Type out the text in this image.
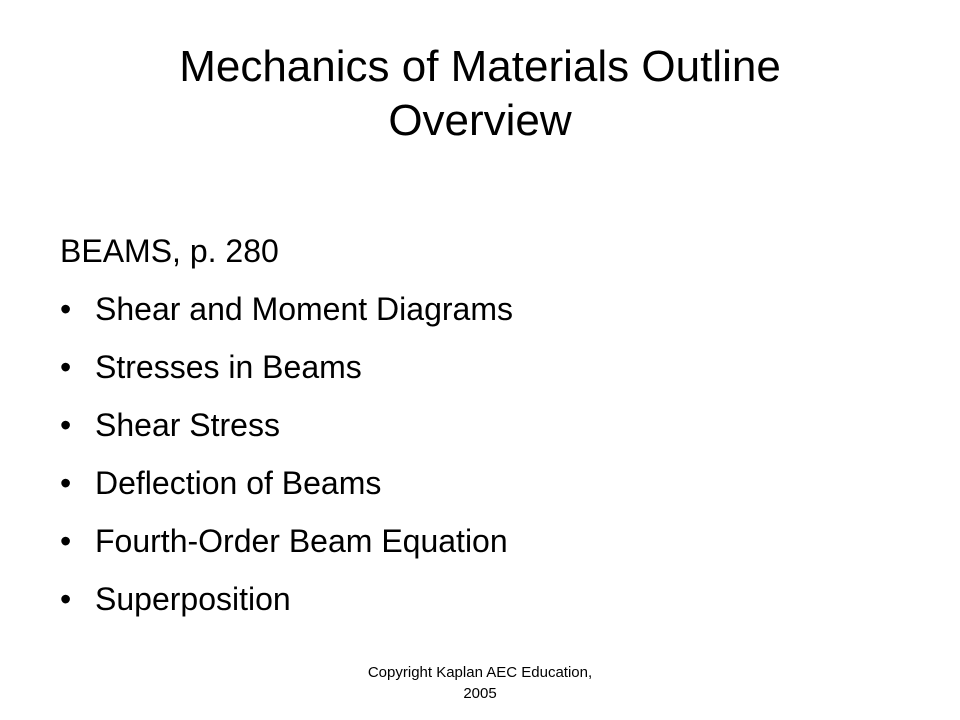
Mechanics of Materials Outline
Overview

BEAMS, p. 280

• Shear and Moment Diagrams
• Stresses in Beams
• Shear Stress
• Deflection of Beams
• Fourth-Order Beam Equation
• Superposition
Copyright Kaplan AEC Education,
2005
